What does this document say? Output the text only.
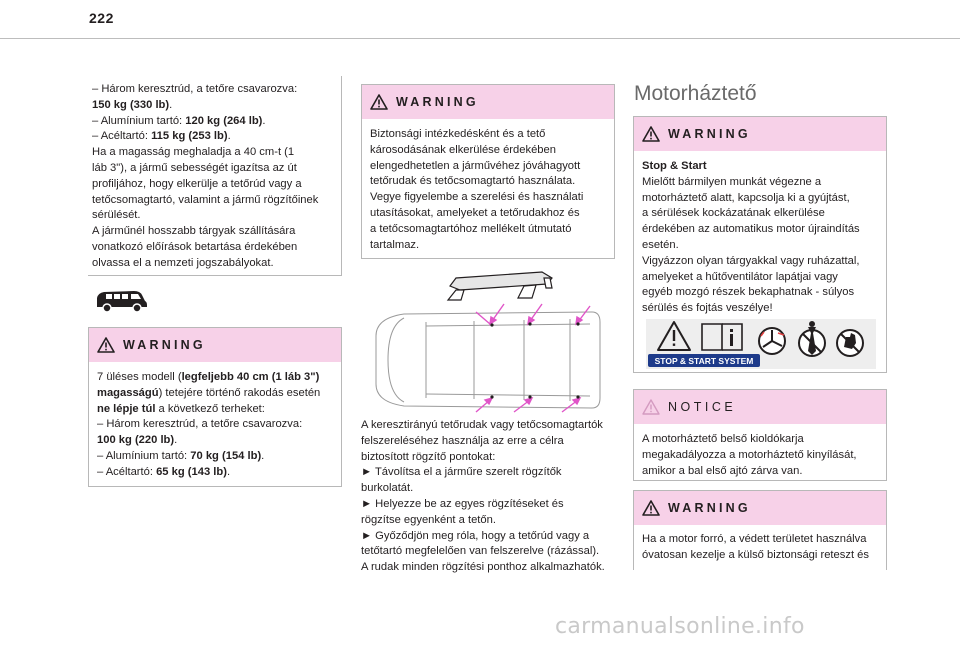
222

– Három keresztrúd, a tetőre csavarozva:

150 kg (330 lb).

– Alumínium tartó: 120 kg (264 lb).

– Acéltartó: 115 kg (253 lb).

Ha a magasság meghaladja a 40 cm-t (1

láb 3"), a jármű sebességét igazítsa az út

profiljához, hogy elkerülje a tetőrúd vagy a

tetőcsomagtartó, valamint a jármű rögzítőinek

sérülését.

A járműnél hosszabb tárgyak szállítására

vonatkozó előírások betartása érdekében

olvassa el a nemzeti jogszabályokat.

WARNING

7 üléses modell (legfeljebb 40 cm (1 láb 3")

magasságú) tetejére történő rakodás esetén

ne lépje túl a következő terheket:

– Három keresztrúd, a tetőre csavarozva:

100 kg (220 lb).

– Alumínium tartó: 70 kg (154 lb).

– Acéltartó: 65 kg (143 lb).

WARNING

Biztonsági intézkedésként és a tető

károsodásának elkerülése érdekében

elengedhetetlen a járművéhez jóváhagyott

tetőrudak és tetőcsomagtartó használata.

Vegye figyelembe a szerelési és használati

utasításokat, amelyeket a tetőrudakhoz és

a tetőcsomagtartóhoz mellékelt útmutató

tartalmaz.

A keresztirányú tetőrudak vagy tetőcsomagtartók

felszereléséhez használja az erre a célra

biztosított rögzítő pontokat:

► Távolítsa el a járműre szerelt rögzítők

burkolatát.

► Helyezze be az egyes rögzítéseket és

rögzítse egyenként a tetőn.

► Győződjön meg róla, hogy a tetőrúd vagy a

tetőtartó megfelelően van felszerelve (rázással).

A rudak minden rögzítési ponthoz alkalmazhatók.

Motorháztető
WARNING

Stop & Start

Mielőtt bármilyen munkát végezne a

motorháztető alatt, kapcsolja ki a gyújtást,

a sérülések kockázatának elkerülése

érdekében az automatikus motor újraindítás

esetén.

Vigyázzon olyan tárgyakkal vagy ruházattal,

amelyeket a hűtőventilátor lapátjai vagy

egyéb mozgó részek bekaphatnak - súlyos

sérülés és fojtás veszélye!

STOP & START SYSTEM
NOTICE

A motorháztető belső kioldókarja

megakadályozza a motorháztető kinyílását,

amikor a bal első ajtó zárva van.

WARNING

Ha a motor forró, a védett területet használva

óvatosan kezelje a külső biztonsági reteszt és

carmanualsonline.info
